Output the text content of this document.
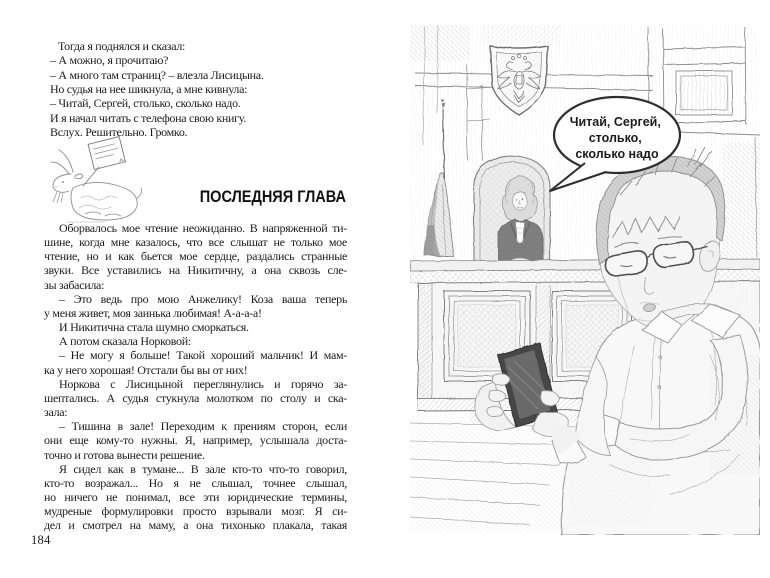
Тогда я поднялся и сказал:
– А можно, я прочитаю?
– А много там страниц? – влезла Лисицына.
Но судья на нее шикнула, а мне кивнула:
– Читай, Сергей, столько, сколько надо.
И я начал читать с телефона свою книгу.
Вслух. Решительно. Громко.
ПОСЛЕДНЯЯ ГЛАВА
Оборвалось мое чтение неожиданно. В напряженной ти-
шине, когда мне казалось, что все слышат не только мое
чтение, но и как бьется мое сердце, раздались странные
звуки. Все уставились на Никитичну, а она сквозь сле-
зы забасила:
– Это ведь про мою Анжелику! Коза ваша теперь
у меня живет, моя заинька любимая! А-а-а-а!
И Никитична стала шумно сморкаться.
А потом сказала Норковой:
– Не могу я больше! Такой хороший мальчик! И мам-
ка у него хорошая! Отстали бы вы от них!
Норкова с Лисицыной переглянулись и горячо за-
шептались. А судья стукнула молотком по столу и ска-
зала:
– Тишина в зале! Переходим к прениям сторон, если
они еще кому-то нужны. Я, например, услышала доста-
точно и готова вынести решение.
Я сидел как в тумане... В зале кто-то что-то говорил,
кто-то возражал... Но я не слышал, точнее слышал,
но ничего не понимал, все эти юридические термины,
мудреные формулировки просто взрывали мозг. Я си-
дел и смотрел на маму, а она тихонько плакала, такая
184
Читай, Сергей, столько, сколько надо
